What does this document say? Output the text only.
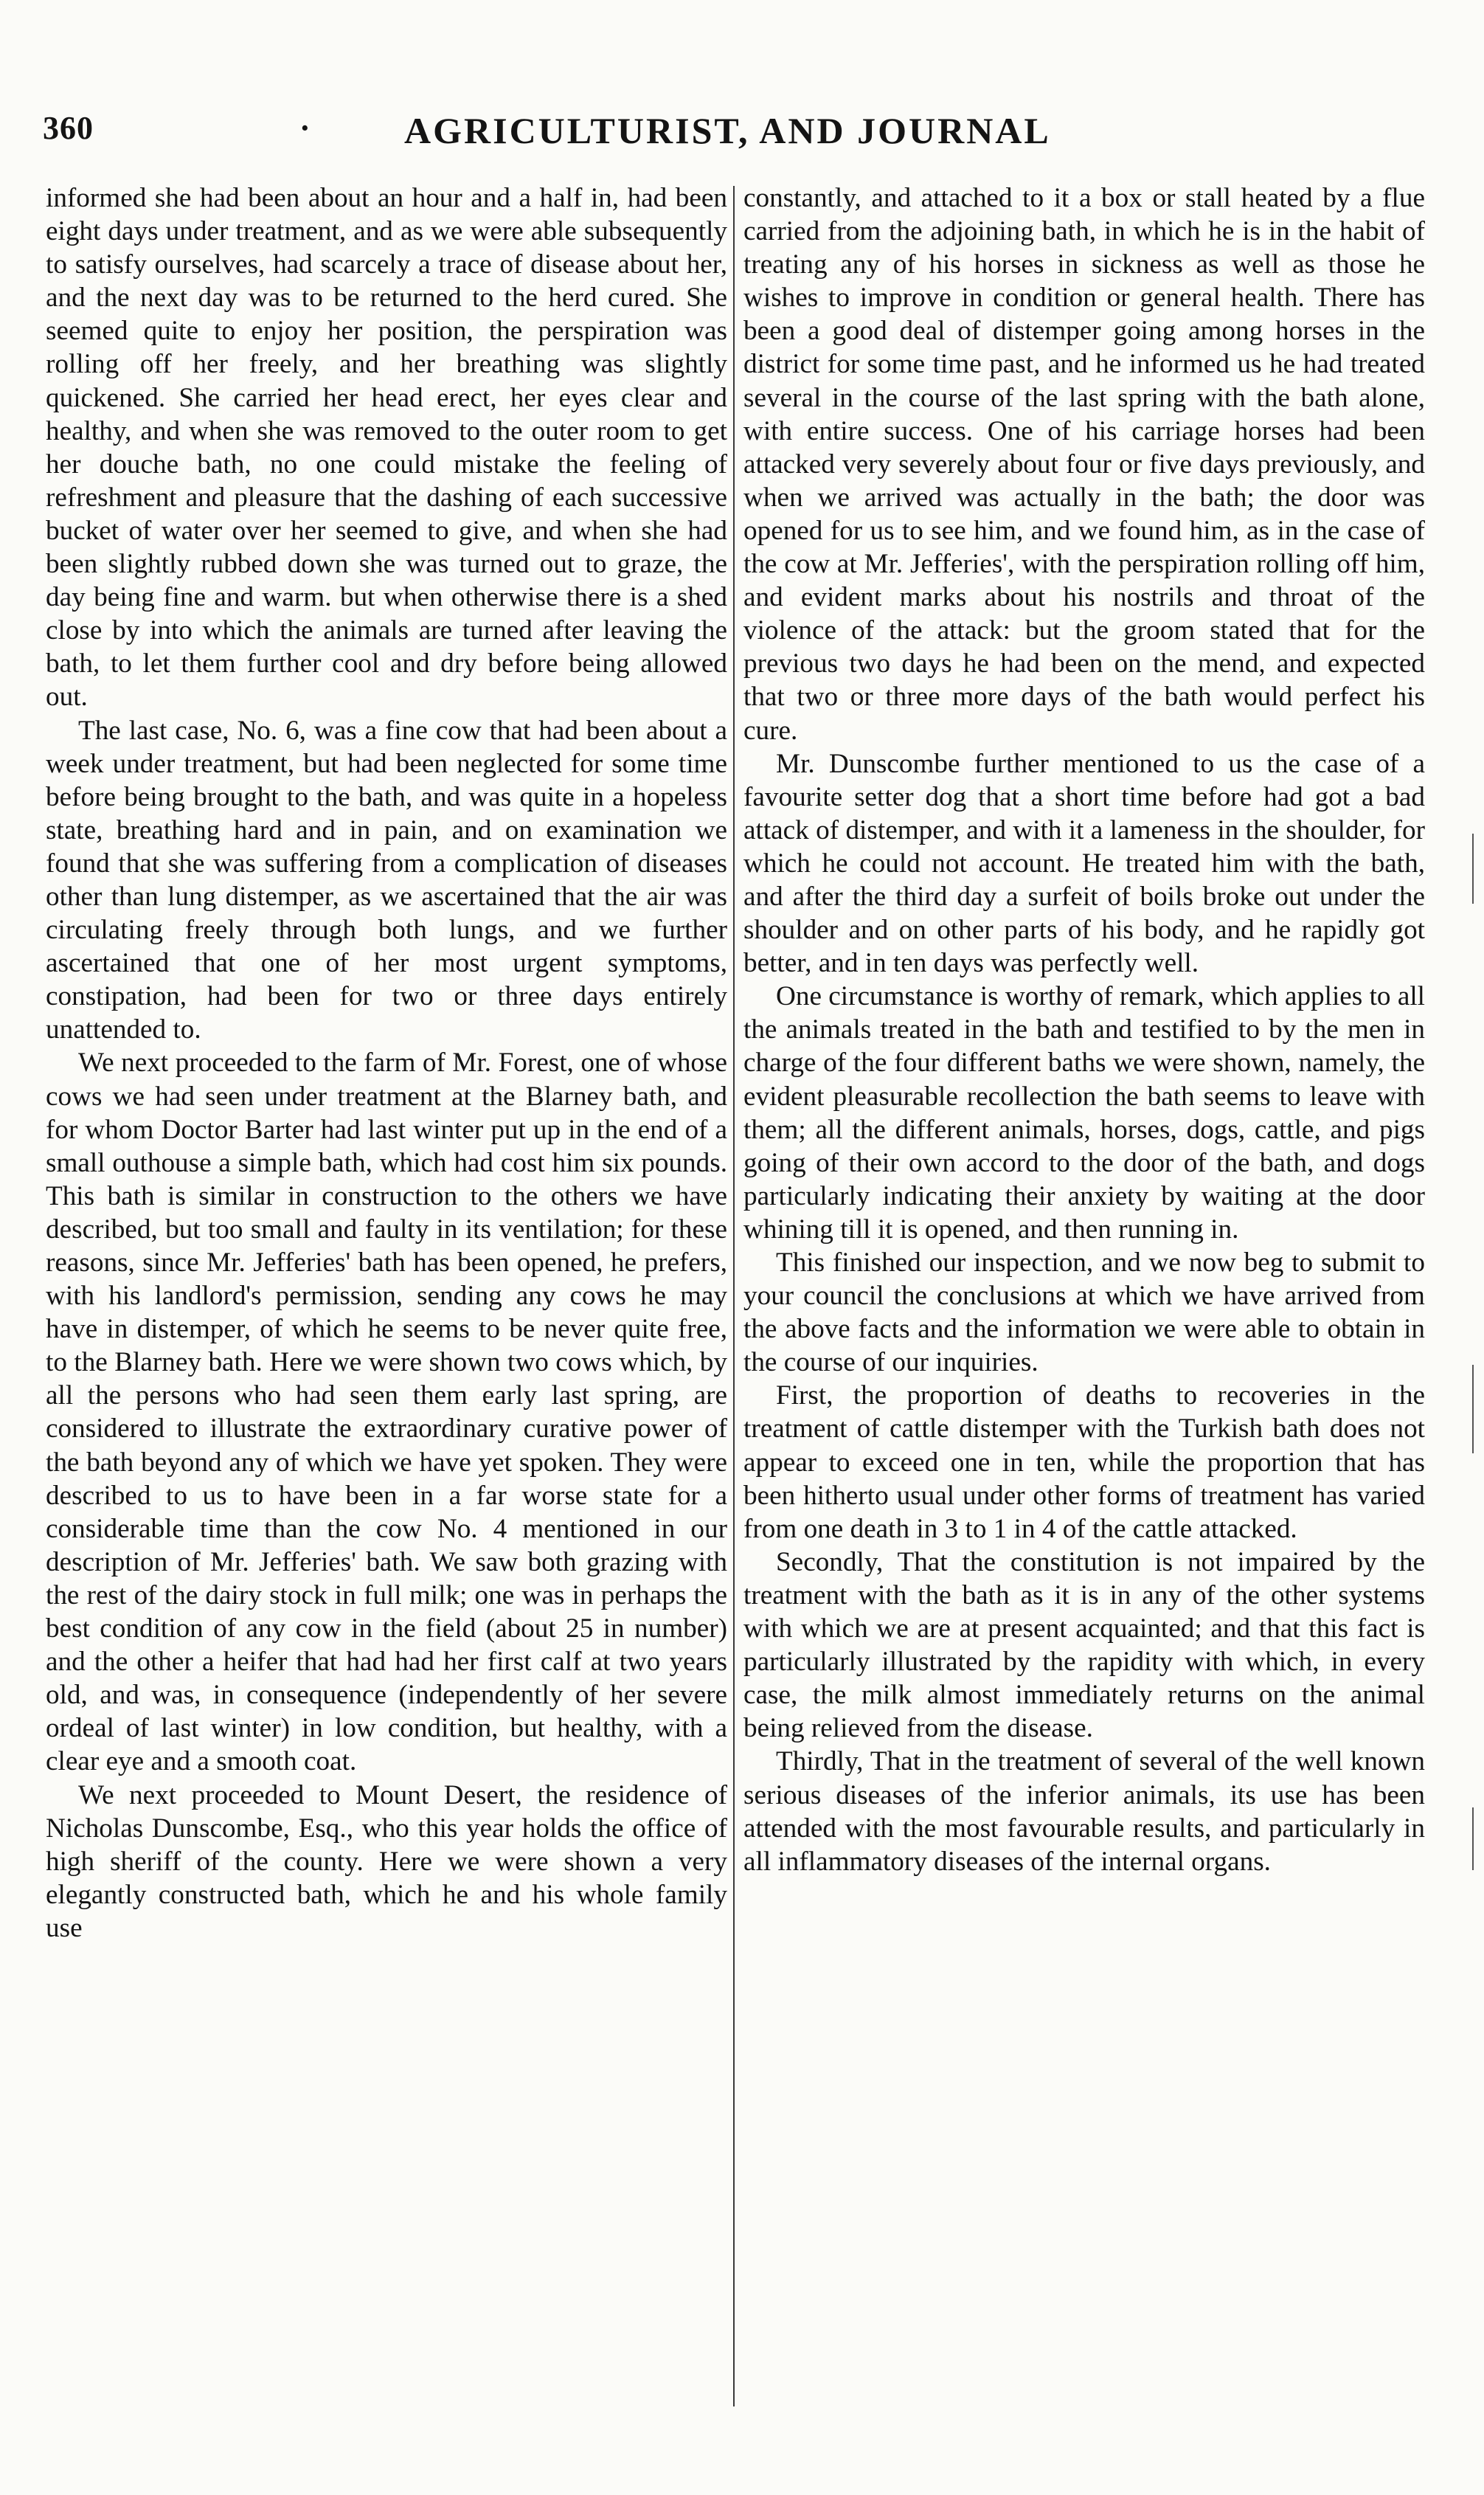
360	·	AGRICULTURIST, AND JOURNAL

informed she had been about an hour and a half in, had been eight days under treatment, and as we were able subsequently to satisfy ourselves, had scarcely a trace of disease about her, and the next day was to be returned to the herd cured. She seemed quite to enjoy her position, the perspiration was rolling off her freely, and her breathing was slightly quickened. She carried her head erect, her eyes clear and healthy, and when she was removed to the outer room to get her douche bath, no one could mistake the feeling of refreshment and pleasure that the dashing of each successive bucket of water over her seemed to give, and when she had been slightly rubbed down she was turned out to graze, the day being fine and warm. but when otherwise there is a shed close by into which the animals are turned after leaving the bath, to let them further cool and dry before being allowed out.

The last case, No. 6, was a fine cow that had been about a week under treatment, but had been neglected for some time before being brought to the bath, and was quite in a hopeless state, breathing hard and in pain, and on examination we found that she was suffering from a complication of diseases other than lung distemper, as we ascertained that the air was circulating freely through both lungs, and we further ascertained that one of her most urgent symptoms, constipation, had been for two or three days entirely unattended to.

We next proceeded to the farm of Mr. Forest, one of whose cows we had seen under treatment at the Blarney bath, and for whom Doctor Barter had last winter put up in the end of a small outhouse a simple bath, which had cost him six pounds. This bath is similar in construction to the others we have described, but too small and faulty in its ventilation; for these reasons, since Mr. Jefferies' bath has been opened, he prefers, with his landlord's permission, sending any cows he may have in distemper, of which he seems to be never quite free, to the Blarney bath. Here we were shown two cows which, by all the persons who had seen them early last spring, are considered to illustrate the extraordinary curative power of the bath beyond any of which we have yet spoken. They were described to us to have been in a far worse state for a considerable time than the cow No. 4 mentioned in our description of Mr. Jefferies' bath. We saw both grazing with the rest of the dairy stock in full milk; one was in perhaps the best condition of any cow in the field (about 25 in number) and the other a heifer that had had her first calf at two years old, and was, in consequence (independently of her severe ordeal of last winter) in low condition, but healthy, with a clear eye and a smooth coat.

We next proceeded to Mount Desert, the residence of Nicholas Dunscombe, Esq., who this year holds the office of high sheriff of the county. Here we were shown a very elegantly constructed bath, which he and his whole family use

constantly, and attached to it a box or stall heated by a flue carried from the adjoining bath, in which he is in the habit of treating any of his horses in sickness as well as those he wishes to improve in condition or general health. There has been a good deal of distemper going among horses in the district for some time past, and he informed us he had treated several in the course of the last spring with the bath alone, with entire success. One of his carriage horses had been attacked very severely about four or five days previously, and when we arrived was actually in the bath; the door was opened for us to see him, and we found him, as in the case of the cow at Mr. Jefferies', with the perspiration rolling off him, and evident marks about his nostrils and throat of the violence of the attack: but the groom stated that for the previous two days he had been on the mend, and expected that two or three more days of the bath would perfect his cure.

Mr. Dunscombe further mentioned to us the case of a favourite setter dog that a short time before had got a bad attack of distemper, and with it a lameness in the shoulder, for which he could not account. He treated him with the bath, and after the third day a surfeit of boils broke out under the shoulder and on other parts of his body, and he rapidly got better, and in ten days was perfectly well.

One circumstance is worthy of remark, which applies to all the animals treated in the bath and testified to by the men in charge of the four different baths we were shown, namely, the evident pleasurable recollection the bath seems to leave with them; all the different animals, horses, dogs, cattle, and pigs going of their own accord to the door of the bath, and dogs particularly indicating their anxiety by waiting at the door whining till it is opened, and then running in.

This finished our inspection, and we now beg to submit to your council the conclusions at which we have arrived from the above facts and the information we were able to obtain in the course of our inquiries.

First, the proportion of deaths to recoveries in the treatment of cattle distemper with the Turkish bath does not appear to exceed one in ten, while the proportion that has been hitherto usual under other forms of treatment has varied from one death in 3 to 1 in 4 of the cattle attacked.

Secondly, That the constitution is not impaired by the treatment with the bath as it is in any of the other systems with which we are at present acquainted; and that this fact is particularly illustrated by the rapidity with which, in every case, the milk almost immediately returns on the animal being relieved from the disease.

Thirdly, That in the treatment of several of the well known serious diseases of the inferior animals, its use has been attended with the most favourable results, and particularly in all inflammatory diseases of the internal organs.
